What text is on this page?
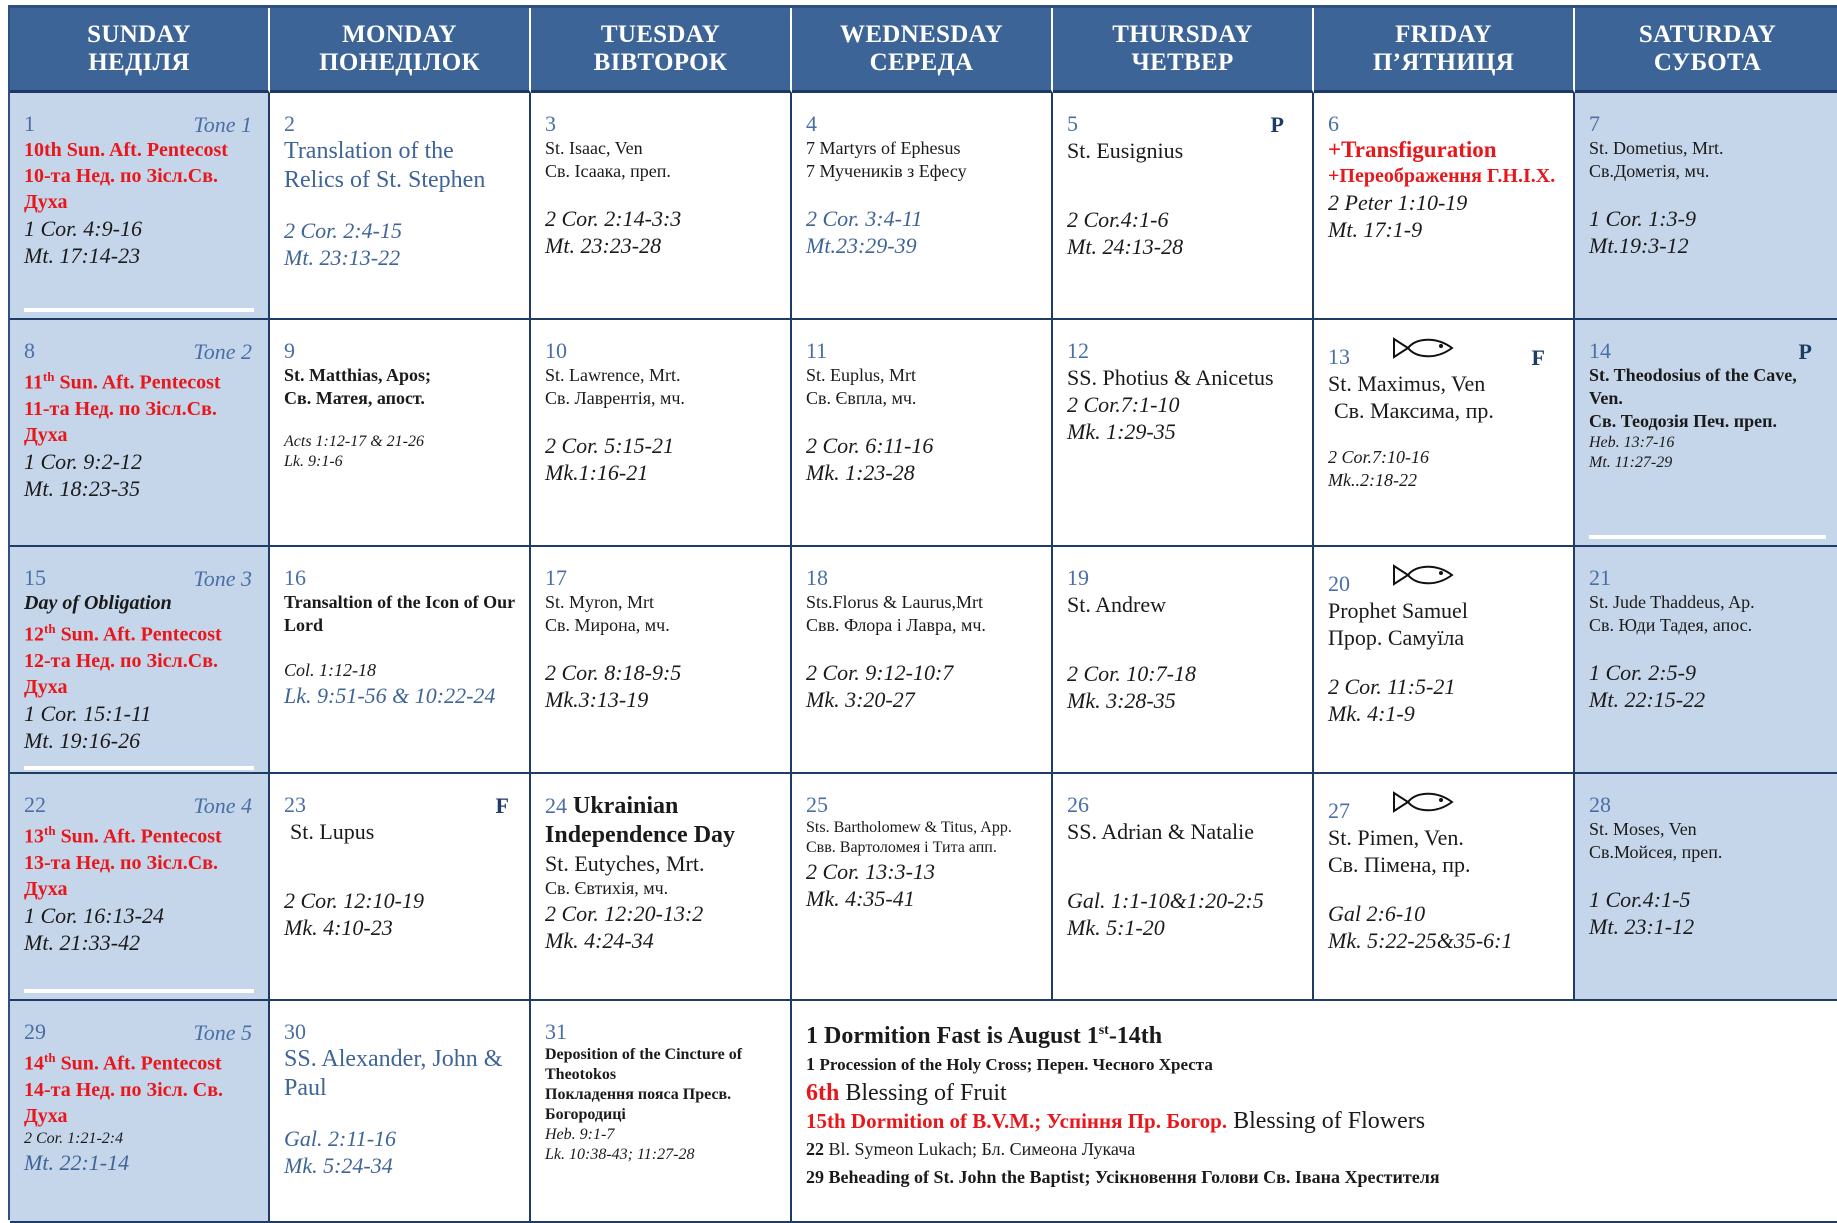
SUNDAY
НЕДІЛЯ
MONDAY
ПОНЕДІЛОК
TUESDAY
ВІВТОРОК
WEDNESDAY
СЕРЕДА
THURSDAY
ЧЕТВЕР
FRIDAY
П’ЯТНИЦЯ
SATURDAY
СУБОТА
1	Tone 1
10th Sun. Aft. Pentecost
10-та Нед. по Зісл.Св. Духа
1 Cor. 4:9-16
Mt. 17:14-23
2
Translation of the Relics of St. Stephen
2 Cor. 2:4-15
Mt. 23:13-22
3
St. Isaac, Ven
Св. Ісаака, преп.
2 Cor. 2:14-3:3
Mt. 23:23-28
4
7 Martyrs of Ephesus
7 Мучеників з Ефесу
2 Cor. 3:4-11
Mt.23:29-39
5	P
St. Eusignius
2 Cor.4:1-6
Mt. 24:13-28
6
+Transfiguration
+Переображення Г.Н.І.Х.
2 Peter 1:10-19
Mt. 17:1-9
7
St. Dometius, Mrt.
Св.Дометія, мч.
1 Cor. 1:3-9
Mt.19:3-12
8	Tone 2
11th Sun. Aft. Pentecost
11-та Нед. по Зісл.Св. Духа
1 Cor. 9:2-12
Mt. 18:23-35
9
St. Matthias, Apos;
Св. Матея, апост.
Acts 1:12-17 & 21-26
Lk. 9:1-6
10
St. Lawrence, Mrt.
Св. Лаврентія, мч.
2 Cor. 5:15-21
Mk.1:16-21
11
St. Euplus, Mrt
Св. Євпла, мч.
2 Cor. 6:11-16
Mk. 1:23-28
12
SS. Photius & Anicetus
2 Cor.7:1-10
Mk. 1:29-35
13	F
St. Maximus, Ven
Св. Максима, пр.
2 Cor.7:10-16
Mk..2:18-22
14	P
St. Theodosius of the Cave, Ven.
Св. Теодозія Печ. преп.
Heb. 13:7-16
Mt. 11:27-29
15	Tone 3
Day of Obligation
12th Sun. Aft. Pentecost
12-та Нед. по Зісл.Св. Духа
1 Cor. 15:1-11
Mt. 19:16-26
16
Transaltion of the Icon of Our Lord
Col. 1:12-18
Lk. 9:51-56 & 10:22-24
17
St. Myron, Mrt
Св. Мирона, мч.
2 Cor. 8:18-9:5
Mk.3:13-19
18
Sts.Florus & Laurus,Mrt
Свв. Флора і Лавра, мч.
2 Cor. 9:12-10:7
Mk. 3:20-27
19
St. Andrew
2 Cor. 10:7-18
Mk. 3:28-35
20
Prophet Samuel
Прор. Самуїла
2 Cor. 11:5-21
Mk. 4:1-9
21
St. Jude Thaddeus, Ap.
Св. Юди Тадея, апос.
1 Cor. 2:5-9
Mt. 22:15-22
22	Tone 4
13th Sun. Aft. Pentecost
13-та Нед. по Зісл.Св. Духа
1 Cor. 16:13-24
Mt. 21:33-42
23	F
St. Lupus
2 Cor. 12:10-19
Mk. 4:10-23
24 Ukrainian Independence Day
St. Eutyches, Mrt.
Св. Євтихія, мч.
2 Cor. 12:20-13:2
Mk. 4:24-34
25
Sts. Bartholomew & Titus, App.
Свв. Вартоломея і Тита апп.
2 Cor. 13:3-13
Mk. 4:35-41
26
SS. Adrian & Natalie
Gal. 1:1-10&1:20-2:5
Mk. 5:1-20
27
St. Pimen, Ven.
Св. Пімена, пр.
Gal 2:6-10
Mk. 5:22-25&35-6:1
28
St. Moses, Ven
Св.Мойсея, преп.
1 Cor.4:1-5
Mt. 23:1-12
29	Tone 5
14th Sun. Aft. Pentecost
14-та Нед. по Зісл. Св. Духа
2 Cor. 1:21-2:4
Mt. 22:1-14
30
SS. Alexander, John & Paul
Gal. 2:11-16
Mk. 5:24-34
31
Deposition of the Cincture of Theotokos
Покладення пояса Пресв. Богородиці
Heb. 9:1-7
Lk. 10:38-43; 11:27-28
1 Dormition Fast is August 1st-14th
1 Procession of the Holy Cross; Перен. Чесного Хреста
6th Blessing of Fruit
15th Dormition of B.V.M.; Успіння Пр. Богор. Blessing of Flowers
22 Bl. Symeon Lukach; Бл. Симеона Лукача
29 Beheading of St. John the Baptist; Усікновення Голови Св. Івана Хрестителя
